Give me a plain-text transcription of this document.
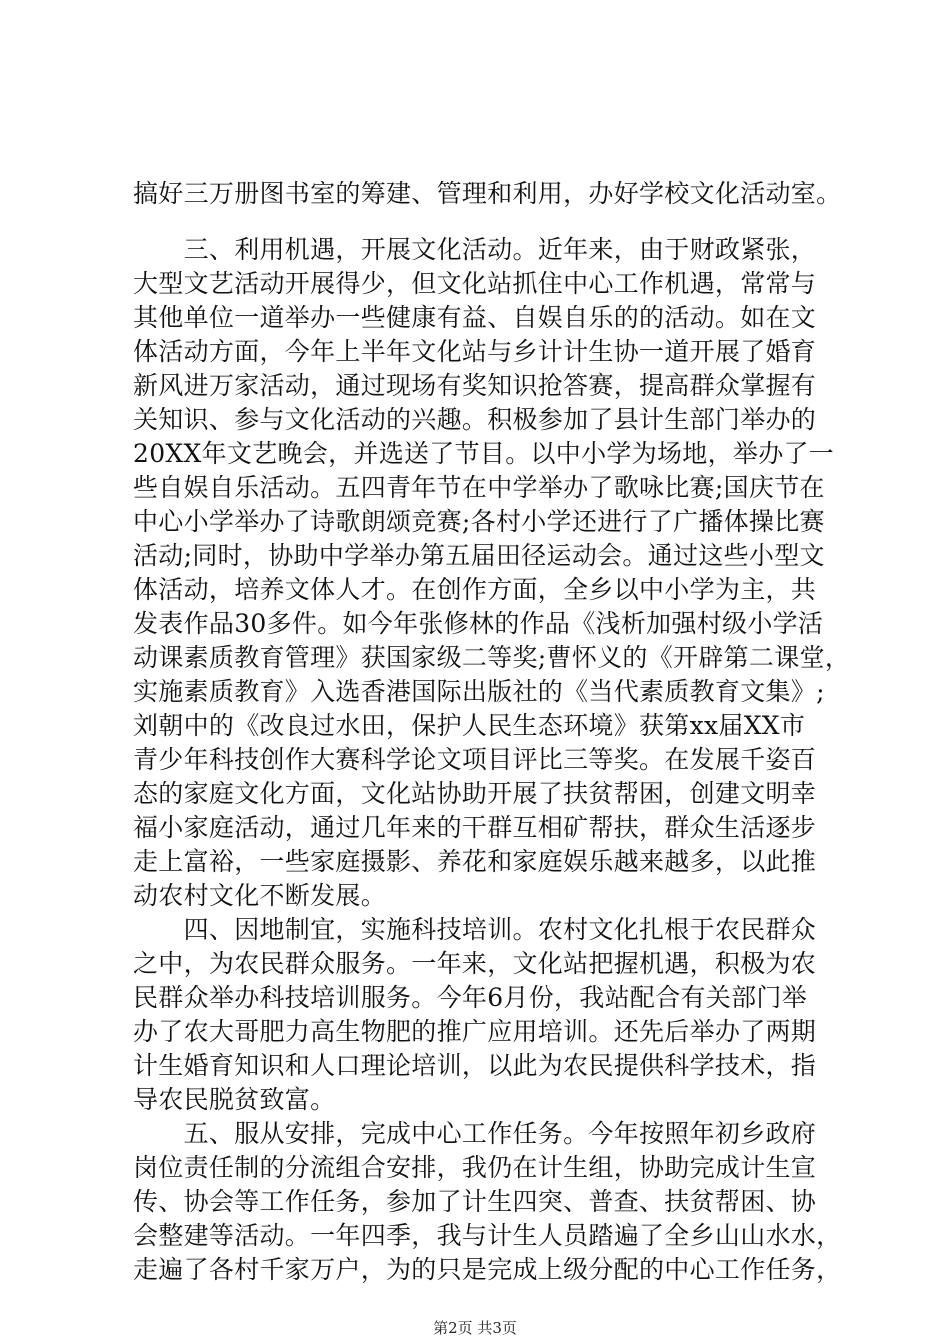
搞好三万册图书室的筹建、管理和利用，办好学校文化活动室。
　　三、利用机遇，开展文化活动。近年来，由于财政紧张，
大型文艺活动开展得少，但文化站抓住中心工作机遇，常常与
其他单位一道举办一些健康有益、自娱自乐的的活动。如在文
体活动方面，今年上半年文化站与乡计计生协一道开展了婚育
新风进万家活动，通过现场有奖知识抢答赛，提高群众掌握有
关知识、参与文化活动的兴趣。积极参加了县计生部门举办的
20XX年文艺晚会，并选送了节目。以中小学为场地，举办了一
些自娱自乐活动。五四青年节在中学举办了歌咏比赛;国庆节在
中心小学举办了诗歌朗颂竞赛;各村小学还进行了广播体操比赛
活动;同时，协助中学举办第五届田径运动会。通过这些小型文
体活动，培养文体人才。在创作方面，全乡以中小学为主，共
发表作品30多件。如今年张修林的作品《浅析加强村级小学活
动课素质教育管理》获国家级二等奖;曹怀义的《开辟第二课堂，
实施素质教育》入选香港国际出版社的《当代素质教育文集》;
刘朝中的《改良过水田，保护人民生态环境》获第xx届XX市
青少年科技创作大赛科学论文项目评比三等奖。在发展千姿百
态的家庭文化方面，文化站协助开展了扶贫帮困，创建文明幸
福小家庭活动，通过几年来的干群互相矿帮扶，群众生活逐步
走上富裕，一些家庭摄影、养花和家庭娱乐越来越多，以此推
动农村文化不断发展。
　　四、因地制宜，实施科技培训。农村文化扎根于农民群众
之中，为农民群众服务。一年来，文化站把握机遇，积极为农
民群众举办科技培训服务。今年6月份，我站配合有关部门举
办了农大哥肥力高生物肥的推广应用培训。还先后举办了两期
计生婚育知识和人口理论培训，以此为农民提供科学技术，指
导农民脱贫致富。
　　五、服从安排，完成中心工作任务。今年按照年初乡政府
岗位责任制的分流组合安排，我仍在计生组，协助完成计生宣
传、协会等工作任务，参加了计生四突、普查、扶贫帮困、协
会整建等活动。一年四季，我与计生人员踏遍了全乡山山水水，
走遍了各村千家万户，为的只是完成上级分配的中心工作任务，
第2页 共3页
